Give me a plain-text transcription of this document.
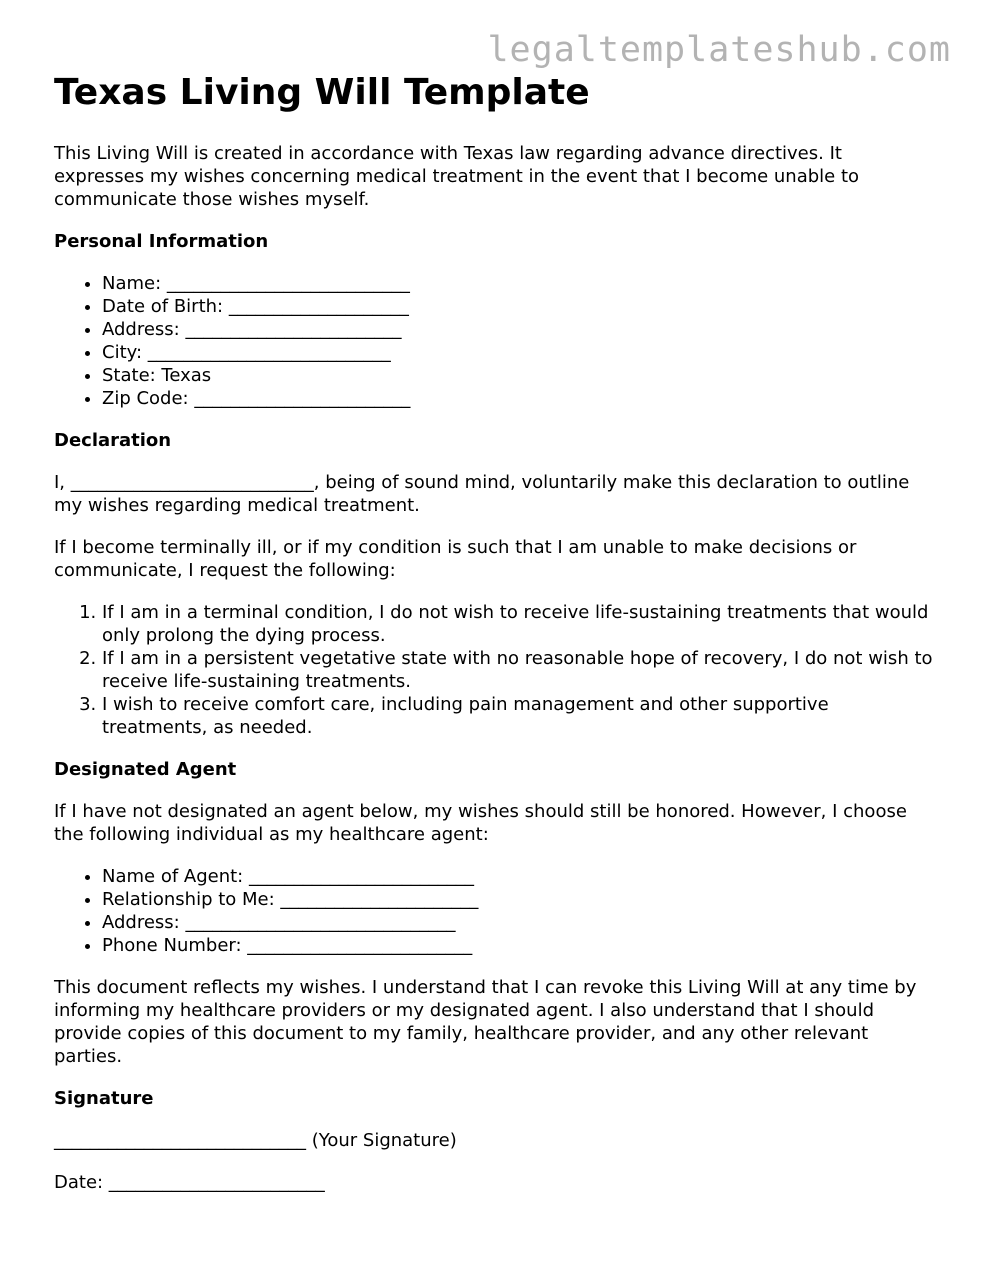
legaltemplateshub.com
Texas Living Will Template

This Living Will is created in accordance with Texas law regarding advance directives. It expresses my wishes concerning medical treatment in the event that I become unable to communicate those wishes myself.

Personal Information
• Name: ___________________________
• Date of Birth: ____________________
• Address: ________________________
• City: ___________________________
• State: Texas
• Zip Code: ________________________
Declaration

I, ___________________________, being of sound mind, voluntarily make this declaration to outline my wishes regarding medical treatment.

If I become terminally ill, or if my condition is such that I am unable to make decisions or communicate, I request the following:

1. If I am in a terminal condition, I do not wish to receive life-sustaining treatments that would only prolong the dying process.
2. If I am in a persistent vegetative state with no reasonable hope of recovery, I do not wish to receive life-sustaining treatments.
3. I wish to receive comfort care, including pain management and other supportive treatments, as needed.
Designated Agent

If I have not designated an agent below, my wishes should still be honored. However, I choose the following individual as my healthcare agent:

• Name of Agent: _________________________
• Relationship to Me: ______________________
• Address: ______________________________
• Phone Number: _________________________

This document reflects my wishes. I understand that I can revoke this Living Will at any time by informing my healthcare providers or my designated agent. I also understand that I should provide copies of this document to my family, healthcare provider, and any other relevant parties.

Signature

____________________________ (Your Signature)

Date: ________________________
